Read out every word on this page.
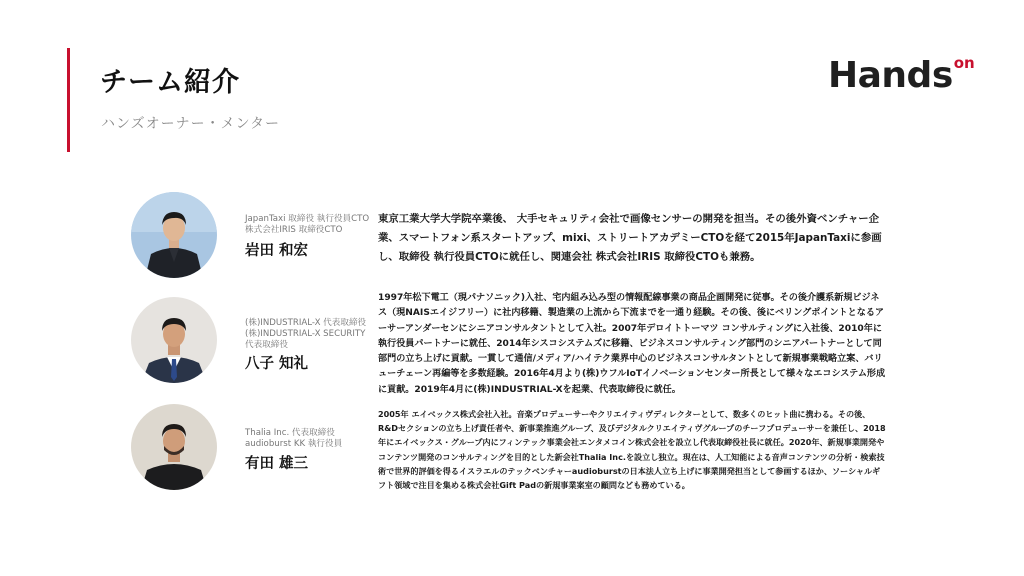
チーム紹介
ハンズオーナー・メンター
Hands$^{on}$
JapanTaxi 取締役 執行役員CTO
株式会社IRIS 取締役CTO
岩田 和宏

東京工業大学大学院卒業後、 大手セキュリティ会社で画像センサーの開発を担当。その後外資ベンチャー企業、スマートフォン系スタートアップ、mixi、ストリートアカデミーCTOを経て2015年JapanTaxiに参画し、取締役 執行役員CTOに就任し、関連会社 株式会社IRIS 取締役CTOも兼務。

(株)INDUSTRIAL-X 代表取締役
(株)INDUSTRIAL-X SECURITY
代表取締役
八子 知礼

1997年松下電工（現パナソニック)入社、宅内組み込み型の情報配線事業の商品企画開発に従事。その後介護系新規ビジネス（現NAISエイジフリー）に社内移籍、製造業の上流から下流までを一通り経験。その後、後にベリングポイントとなるアーサーアンダーセンにシニアコンサルタントとして入社。2007年デロイトトーマツ コンサルティングに入社後、2010年に執行役員パートナーに就任、2014年シスコシステムズに移籍、ビジネスコンサルティング部門のシニアパートナーとして同部門の立ち上げに貢献。一貫して通信/メディア/ハイテク業界中心のビジネスコンサルタントとして新規事業戦略立案、バリューチェーン再編等を多数経験。2016年4月より(株)ウフルIoTイノベーションセンター所長として様々なエコシステム形成に貢献。2019年4月に(株)INDUSTRIAL-Xを起業、代表取締役に就任。

Thalia Inc. 代表取締役
audioburst KK 執行役員
有田 雄三

2005年 エイベックス株式会社入社。音楽プロデューサーやクリエイティヴディレクターとして、数多くのヒット曲に携わる。その後、R&Dセクションの立ち上げ責任者や、新事業推進グループ、及びデジタルクリエイティヴグループのチーフプロデューサーを兼任し、2018年にエイベックス・グループ内にフィンテック事業会社エンタメコイン株式会社を設立し代表取締役社長に就任。2020年、新規事業開発やコンテンツ開発のコンサルティングを目的とした新会社Thalia Inc.を設立し独立。現在は、人工知能による音声コンテンツの分析・検索技術で世界的評価を得るイスラエルのテックベンチャーaudioburstの日本法人立ち上げに事業開発担当として参画するほか、ソーシャルギフト領域で注目を集める株式会社Gift Padの新規事業案室の顧問なども務めている。
